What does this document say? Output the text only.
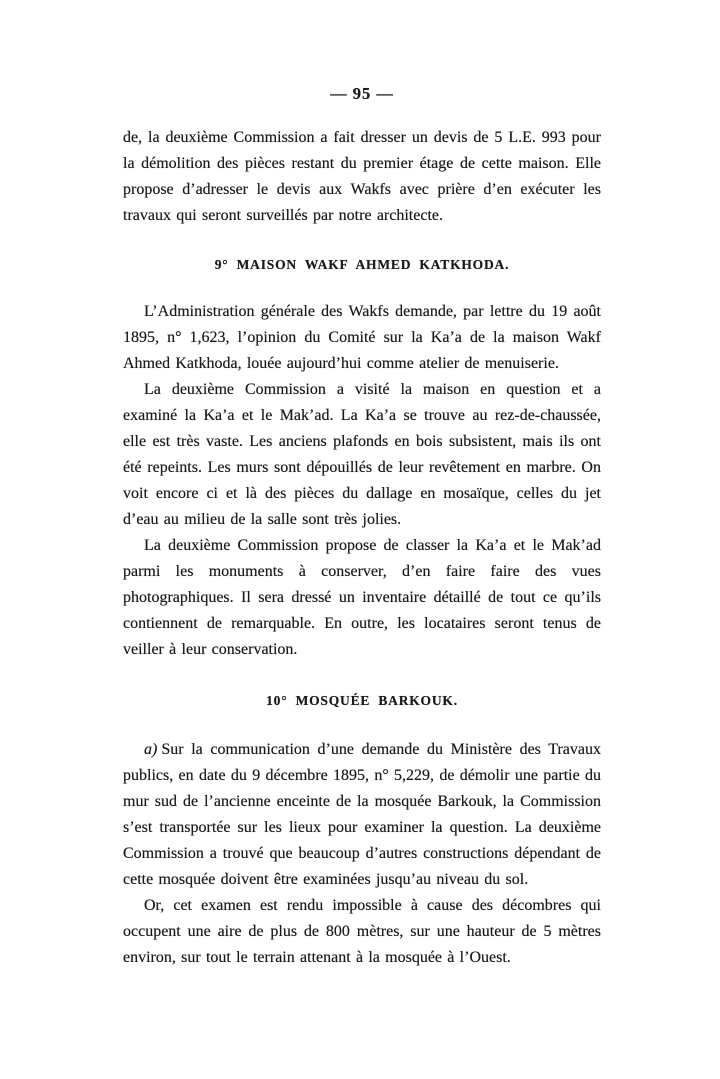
— 95 —

de, la deuxième Commission a fait dresser un devis de 5 L.E. 993 pour la démolition des pièces restant du premier étage de cette maison. Elle propose d’adresser le devis aux Wakfs avec prière d’en exécuter les travaux qui seront surveillés par notre architecte.

9° MAISON WAKF AHMED KATKHODA.

L’Administration générale des Wakfs demande, par lettre du 19 août 1895, n° 1,623, l’opinion du Comité sur la Ka’a de la maison Wakf Ahmed Katkhoda, louée aujourd’hui comme atelier de menuiserie.

La deuxième Commission a visité la maison en question et a examiné la Ka’a et le Mak’ad. La Ka’a se trouve au rez-de-chaussée, elle est très vaste. Les anciens plafonds en bois subsistent, mais ils ont été repeints. Les murs sont dépouillés de leur revêtement en marbre. On voit encore ci et là des pièces du dallage en mosaïque, celles du jet d’eau au milieu de la salle sont très jolies.

La deuxième Commission propose de classer la Ka’a et le Mak’ad parmi les monuments à conserver, d’en faire faire des vues photographiques. Il sera dressé un inventaire détaillé de tout ce qu’ils contiennent de remarquable. En outre, les locataires seront tenus de veiller à leur conservation.

10° MOSQUÉE BARKOUK.

a) Sur la communication d’une demande du Ministère des Travaux publics, en date du 9 décembre 1895, n° 5,229, de démolir une partie du mur sud de l’ancienne enceinte de la mosquée Barkouk, la Commission s’est transportée sur les lieux pour examiner la question. La deuxième Commission a trouvé que beaucoup d’autres constructions dépendant de cette mosquée doivent être examinées jusqu’au niveau du sol.

Or, cet examen est rendu impossible à cause des décombres qui occupent une aire de plus de 800 mètres, sur une hauteur de 5 mètres environ, sur tout le terrain attenant à la mosquée à l’Ouest.
